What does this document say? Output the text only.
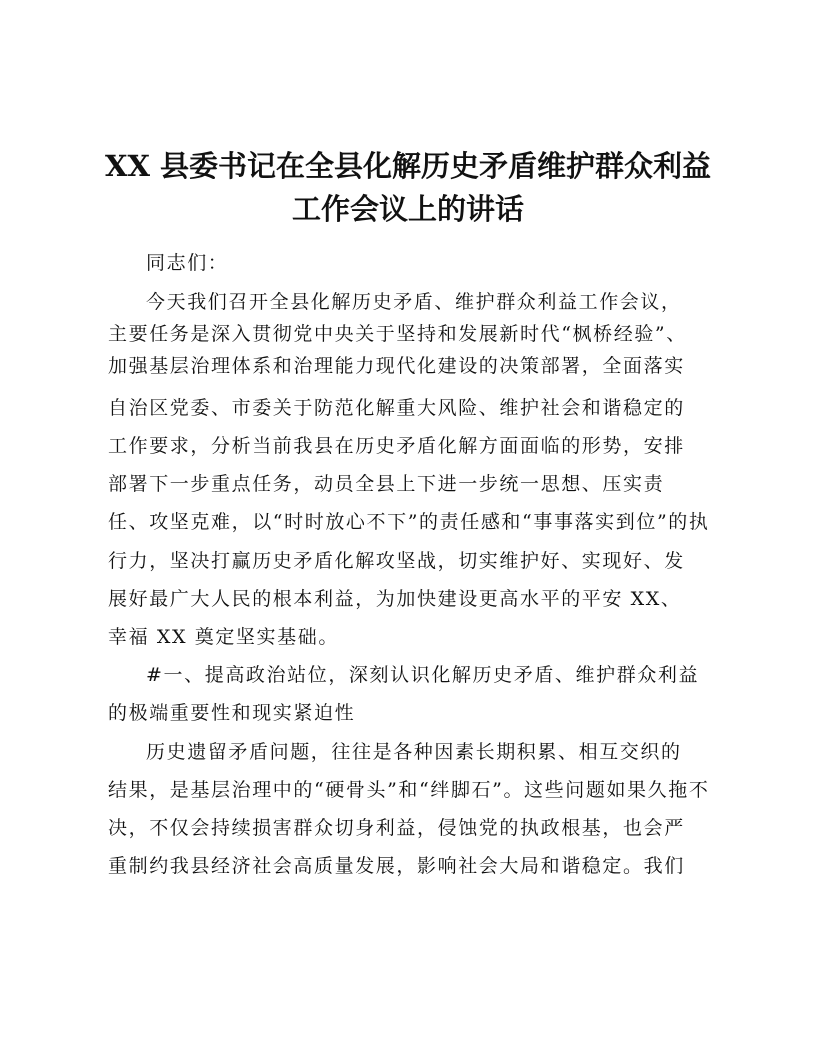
XX 县委书记在全县化解历史矛盾维护群众利益
工作会议上的讲话

同志们：

今天我们召开全县化解历史矛盾、维护群众利益工作会议，

主要任务是深入贯彻党中央关于坚持和发展新时代“枫桥经验”、

加强基层治理体系和治理能力现代化建设的决策部署，全面落实

自治区党委、市委关于防范化解重大风险、维护社会和谐稳定的

工作要求，分析当前我县在历史矛盾化解方面面临的形势，安排

部署下一步重点任务，动员全县上下进一步统一思想、压实责

任、攻坚克难，以“时时放心不下”的责任感和“事事落实到位”的执

行力，坚决打赢历史矛盾化解攻坚战，切实维护好、实现好、发

展好最广大人民的根本利益，为加快建设更高水平的平安 XX、

幸福 XX 奠定坚实基础。

#一、提高政治站位，深刻认识化解历史矛盾、维护群众利益

的极端重要性和现实紧迫性

历史遗留矛盾问题，往往是各种因素长期积累、相互交织的

结果，是基层治理中的“硬骨头”和“绊脚石”。这些问题如果久拖不

决，不仅会持续损害群众切身利益，侵蚀党的执政根基，也会严

重制约我县经济社会高质量发展，影响社会大局和谐稳定。我们
